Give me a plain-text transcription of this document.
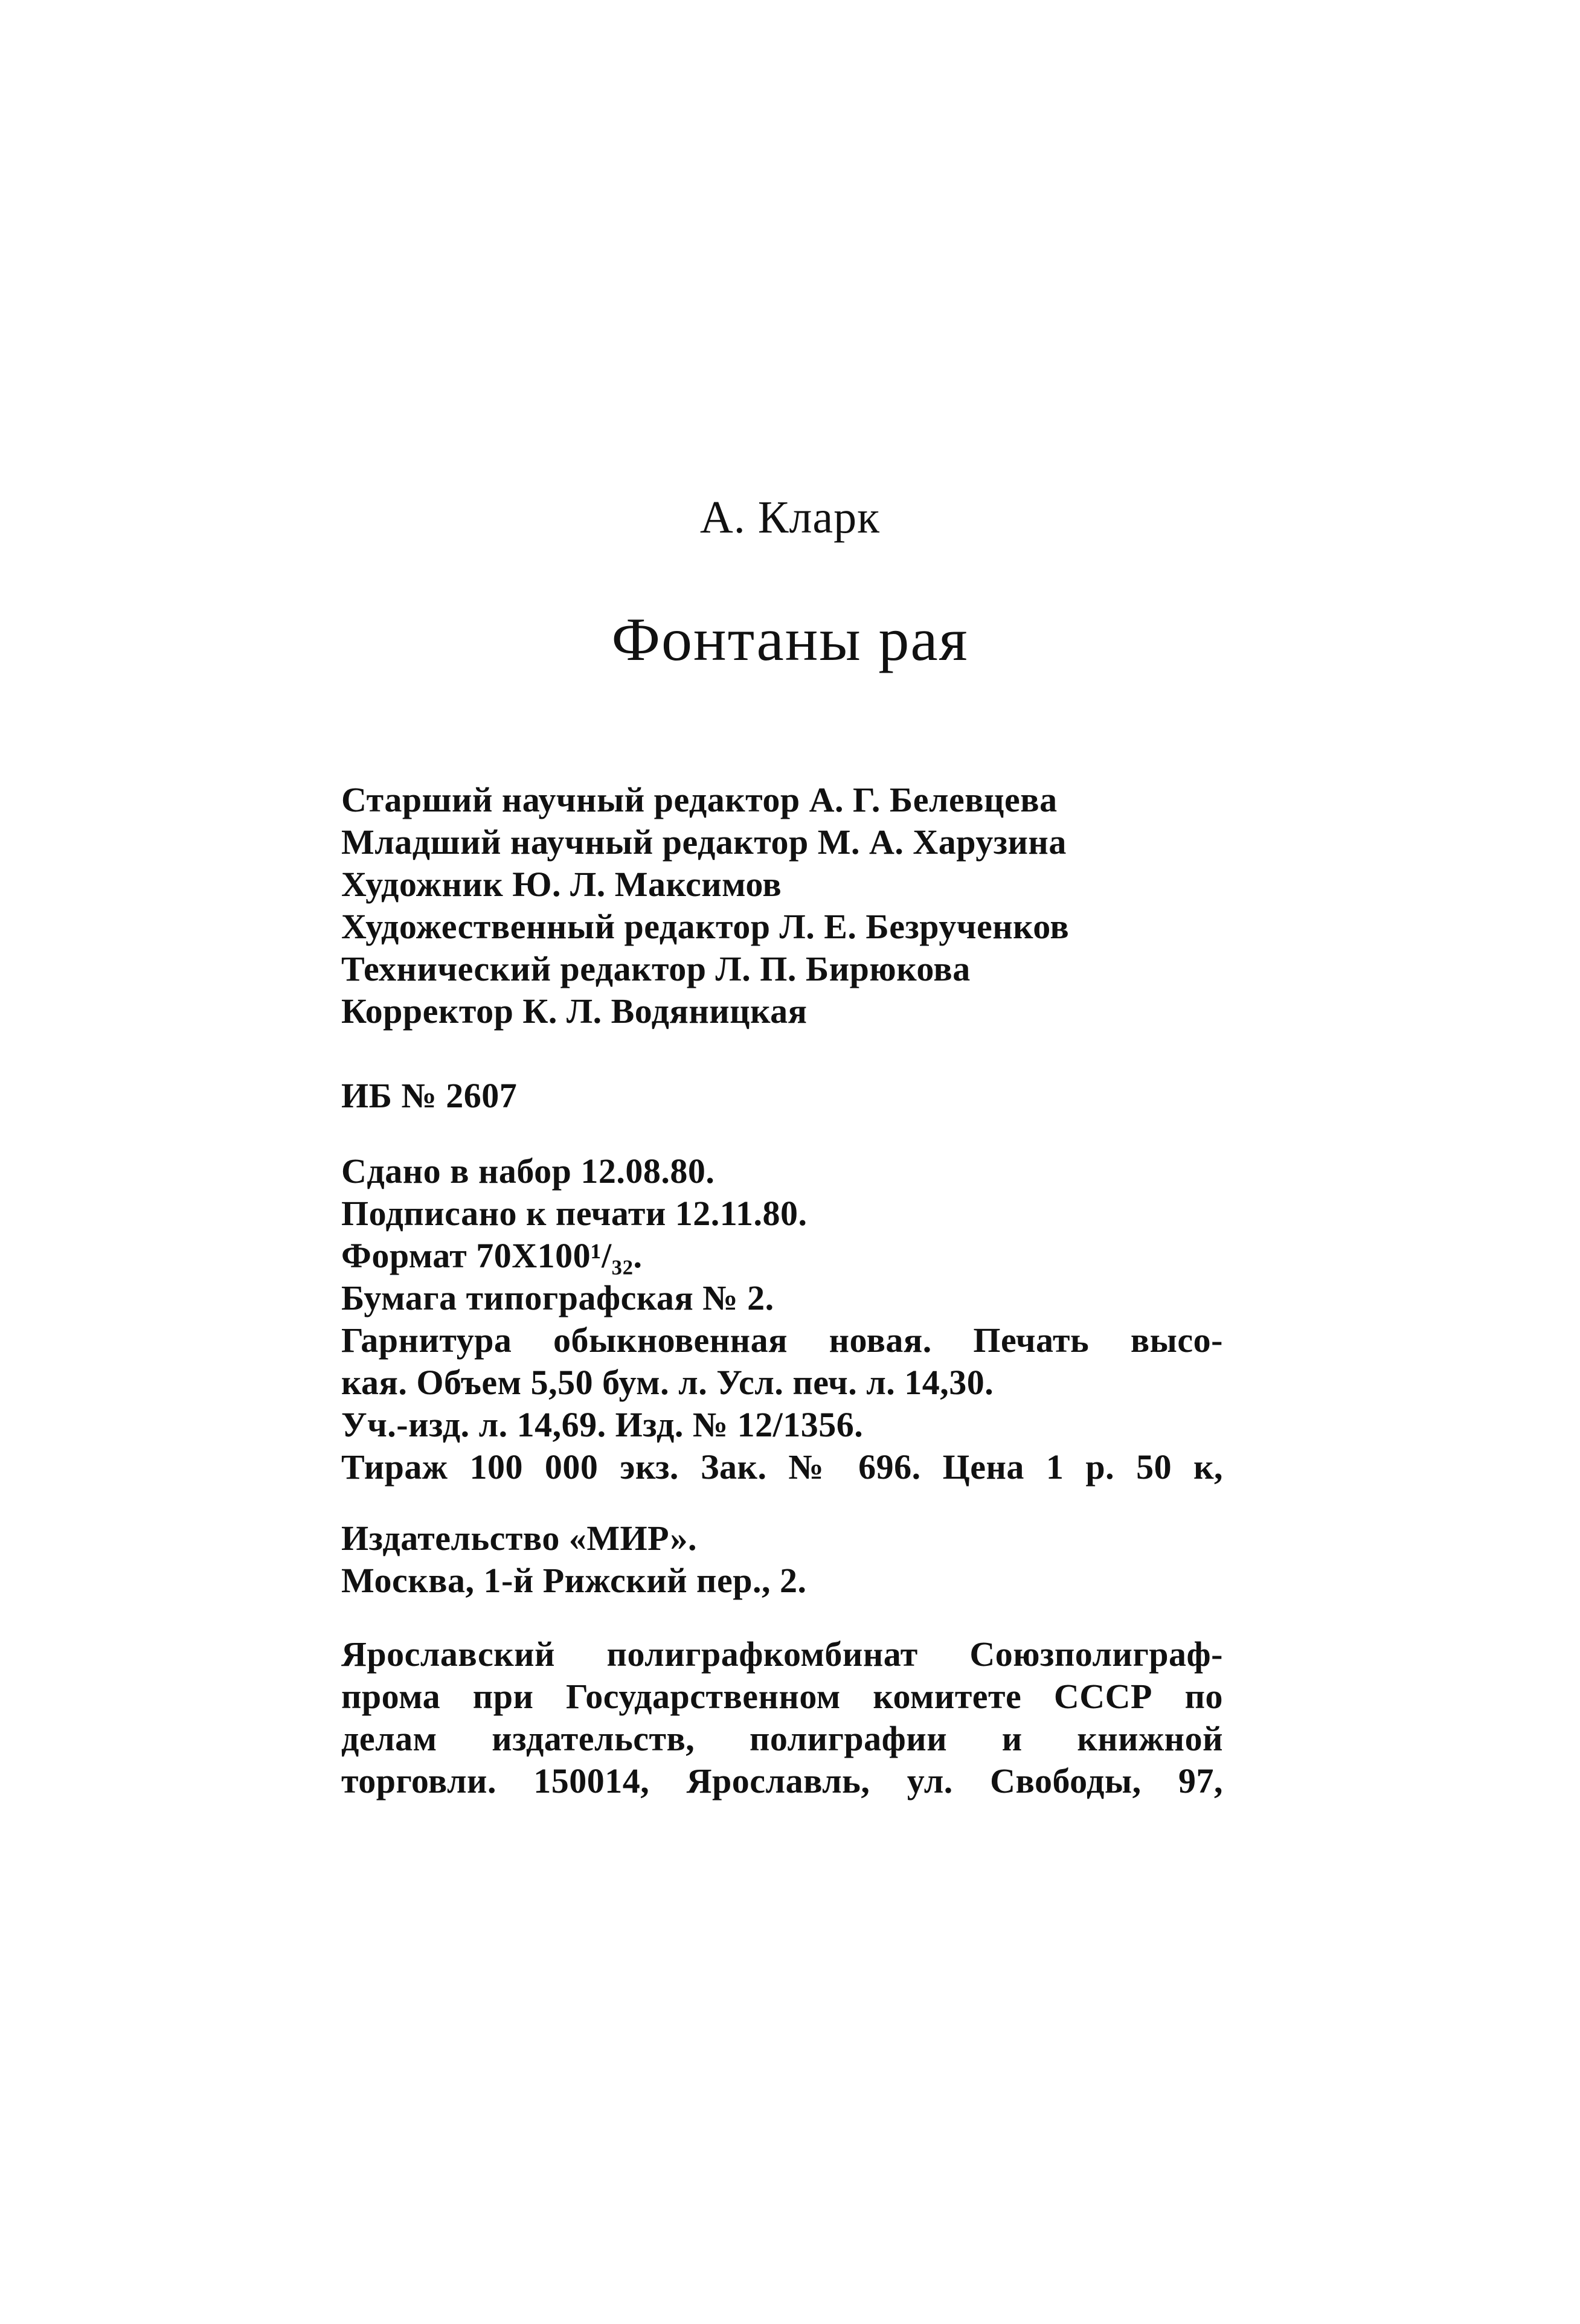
А. Кларк
Фонтаны рая
Старший научный редактор А. Г. Белевцева
Младший научный редактор М. А. Харузина
Художник Ю. Л. Максимов
Художественный редактор Л. Е. Безрученков
Технический редактор Л. П. Бирюкова
Корректор К. Л. Водяницкая
ИБ № 2607
Сдано в набор 12.08.80.
Подписано к печати 12.11.80.
Формат 70Х100¹/₃₂.
Бумага типографская № 2.
Гарнитура обыкновенная новая. Печать высо-
кая. Объем 5,50 бум. л. Усл. печ. л. 14,30.
Уч.-изд. л. 14,69. Изд. № 12/1356.
Тираж 100 000 экз. Зак. № 696. Цена 1 р. 50 к,
Издательство «МИР».
Москва, 1-й Рижский пер., 2.
Ярославский полиграфкомбинат Союзполиграф-
прома при Государственном комитете СССР по
делам издательств, полиграфии и книжной
торговли. 150014, Ярославль, ул. Свободы, 97,
